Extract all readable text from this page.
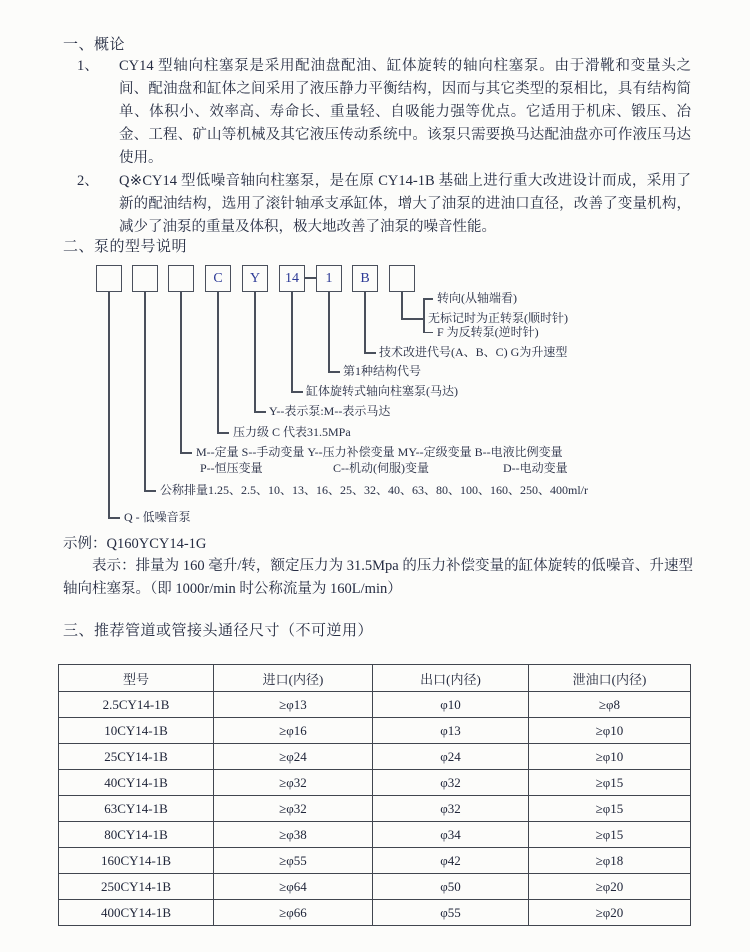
一、概论
1、	CY14 型轴向柱塞泵是采用配油盘配油、缸体旋转的轴向柱塞泵。由于滑靴和变量头之间、配油盘和缸体之间采用了液压静力平衡结构，因而与其它类型的泵相比，具有结构简单、体积小、效率高、寿命长、重量轻、自吸能力强等优点。它适用于机床、锻压、冶金、工程、矿山等机械及其它液压传动系统中。该泵只需要换马达配油盘亦可作液压马达使用。
2、	Q※CY14 型低噪音轴向柱塞泵，是在原 CY14-1B 基础上进行重大改进设计而成，采用了新的配油结构，选用了滚针轴承支承缸体，增大了油泵的进油口直径，改善了变量机构，减少了油泵的重量及体积，极大地改善了油泵的噪音性能。
二、泵的型号说明
C Y 14 1 B
转向(从轴端看)
无标记时为正转泵(顺时针)
F 为反转泵(逆时针)
技术改进代号(A、B、C) G为升速型
第1种结构代号
缸体旋转式轴向柱塞泵(马达)
Y--表示泵:M--表示马达
压力级 C 代表31.5MPa
M--定量 S--手动变量 Y--压力补偿变量 MY--定级变量 B--电液比例变量
P--恒压变量	C--机动(伺服)变量	D--电动变量
公称排量1.25、2.5、10、13、16、25、32、40、63、80、100、160、250、400ml/r
Q - 低噪音泵
示例：Q160YCY14-1G
表示：排量为 160 毫升/转，额定压力为 31.5Mpa 的压力补偿变量的缸体旋转的低噪音、升速型轴向柱塞泵。（即 1000r/min 时公称流量为 160L/min）
三、推荐管道或管接头通径尺寸（不可逆用）
型号	进口(内径)	出口(内径)	泄油口(内径)
2.5CY14-1B	≥φ13	φ10	≥φ8
10CY14-1B	≥φ16	φ13	≥φ10
25CY14-1B	≥φ24	φ24	≥φ10
40CY14-1B	≥φ32	φ32	≥φ15
63CY14-1B	≥φ32	φ32	≥φ15
80CY14-1B	≥φ38	φ34	≥φ15
160CY14-1B	≥φ55	φ42	≥φ18
250CY14-1B	≥φ64	φ50	≥φ20
400CY14-1B	≥φ66	φ55	≥φ20
